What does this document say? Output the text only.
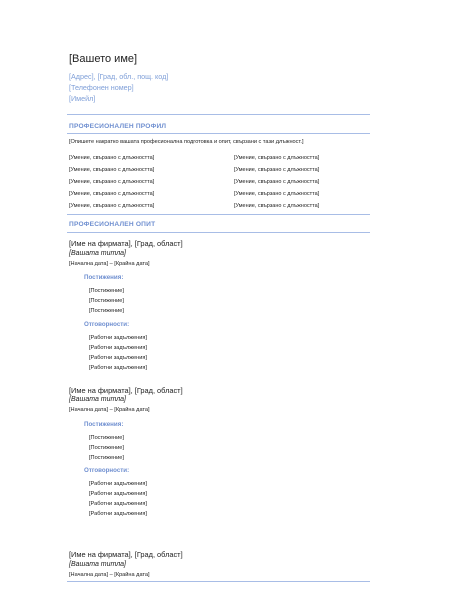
[Вашето име]
[Адрес], [Град, обл., пощ. код]
[Телефонен номер]
[Имейл]
ПРОФЕСИОНАЛЕН ПРОФИЛ
[Опишете накратко вашата професионална подготовка и опит, свързани с тази длъжност.]
[Умение, свързано с длъжността]
[Умение, свързано с длъжността]
[Умение, свързано с длъжността]
[Умение, свързано с длъжността]
[Умение, свързано с длъжността]
[Умение, свързано с длъжността]
[Умение, свързано с длъжността]
[Умение, свързано с длъжността]
[Умение, свързано с длъжността]
[Умение, свързано с длъжността]
ПРОФЕСИОНАЛЕН ОПИТ
[Име на фирмата], [Град, област]
[Вашата титла]
[Начална дата] – [Крайна дата]
Постижения:
[Постижение]
[Постижение]
[Постижение]
Отговорности:
[Работни задължения]
[Работни задължения]
[Работни задължения]
[Работни задължения]
[Име на фирмата], [Град, област]
[Вашата титла]
[Начална дата] – [Крайна дата]
Постижения:
[Постижение]
[Постижение]
[Постижение]
Отговорности:
[Работни задължения]
[Работни задължения]
[Работни задължения]
[Работни задължения]
[Име на фирмата], [Град, област]
[Вашата титла]
[Начална дата] – [Крайна дата]
